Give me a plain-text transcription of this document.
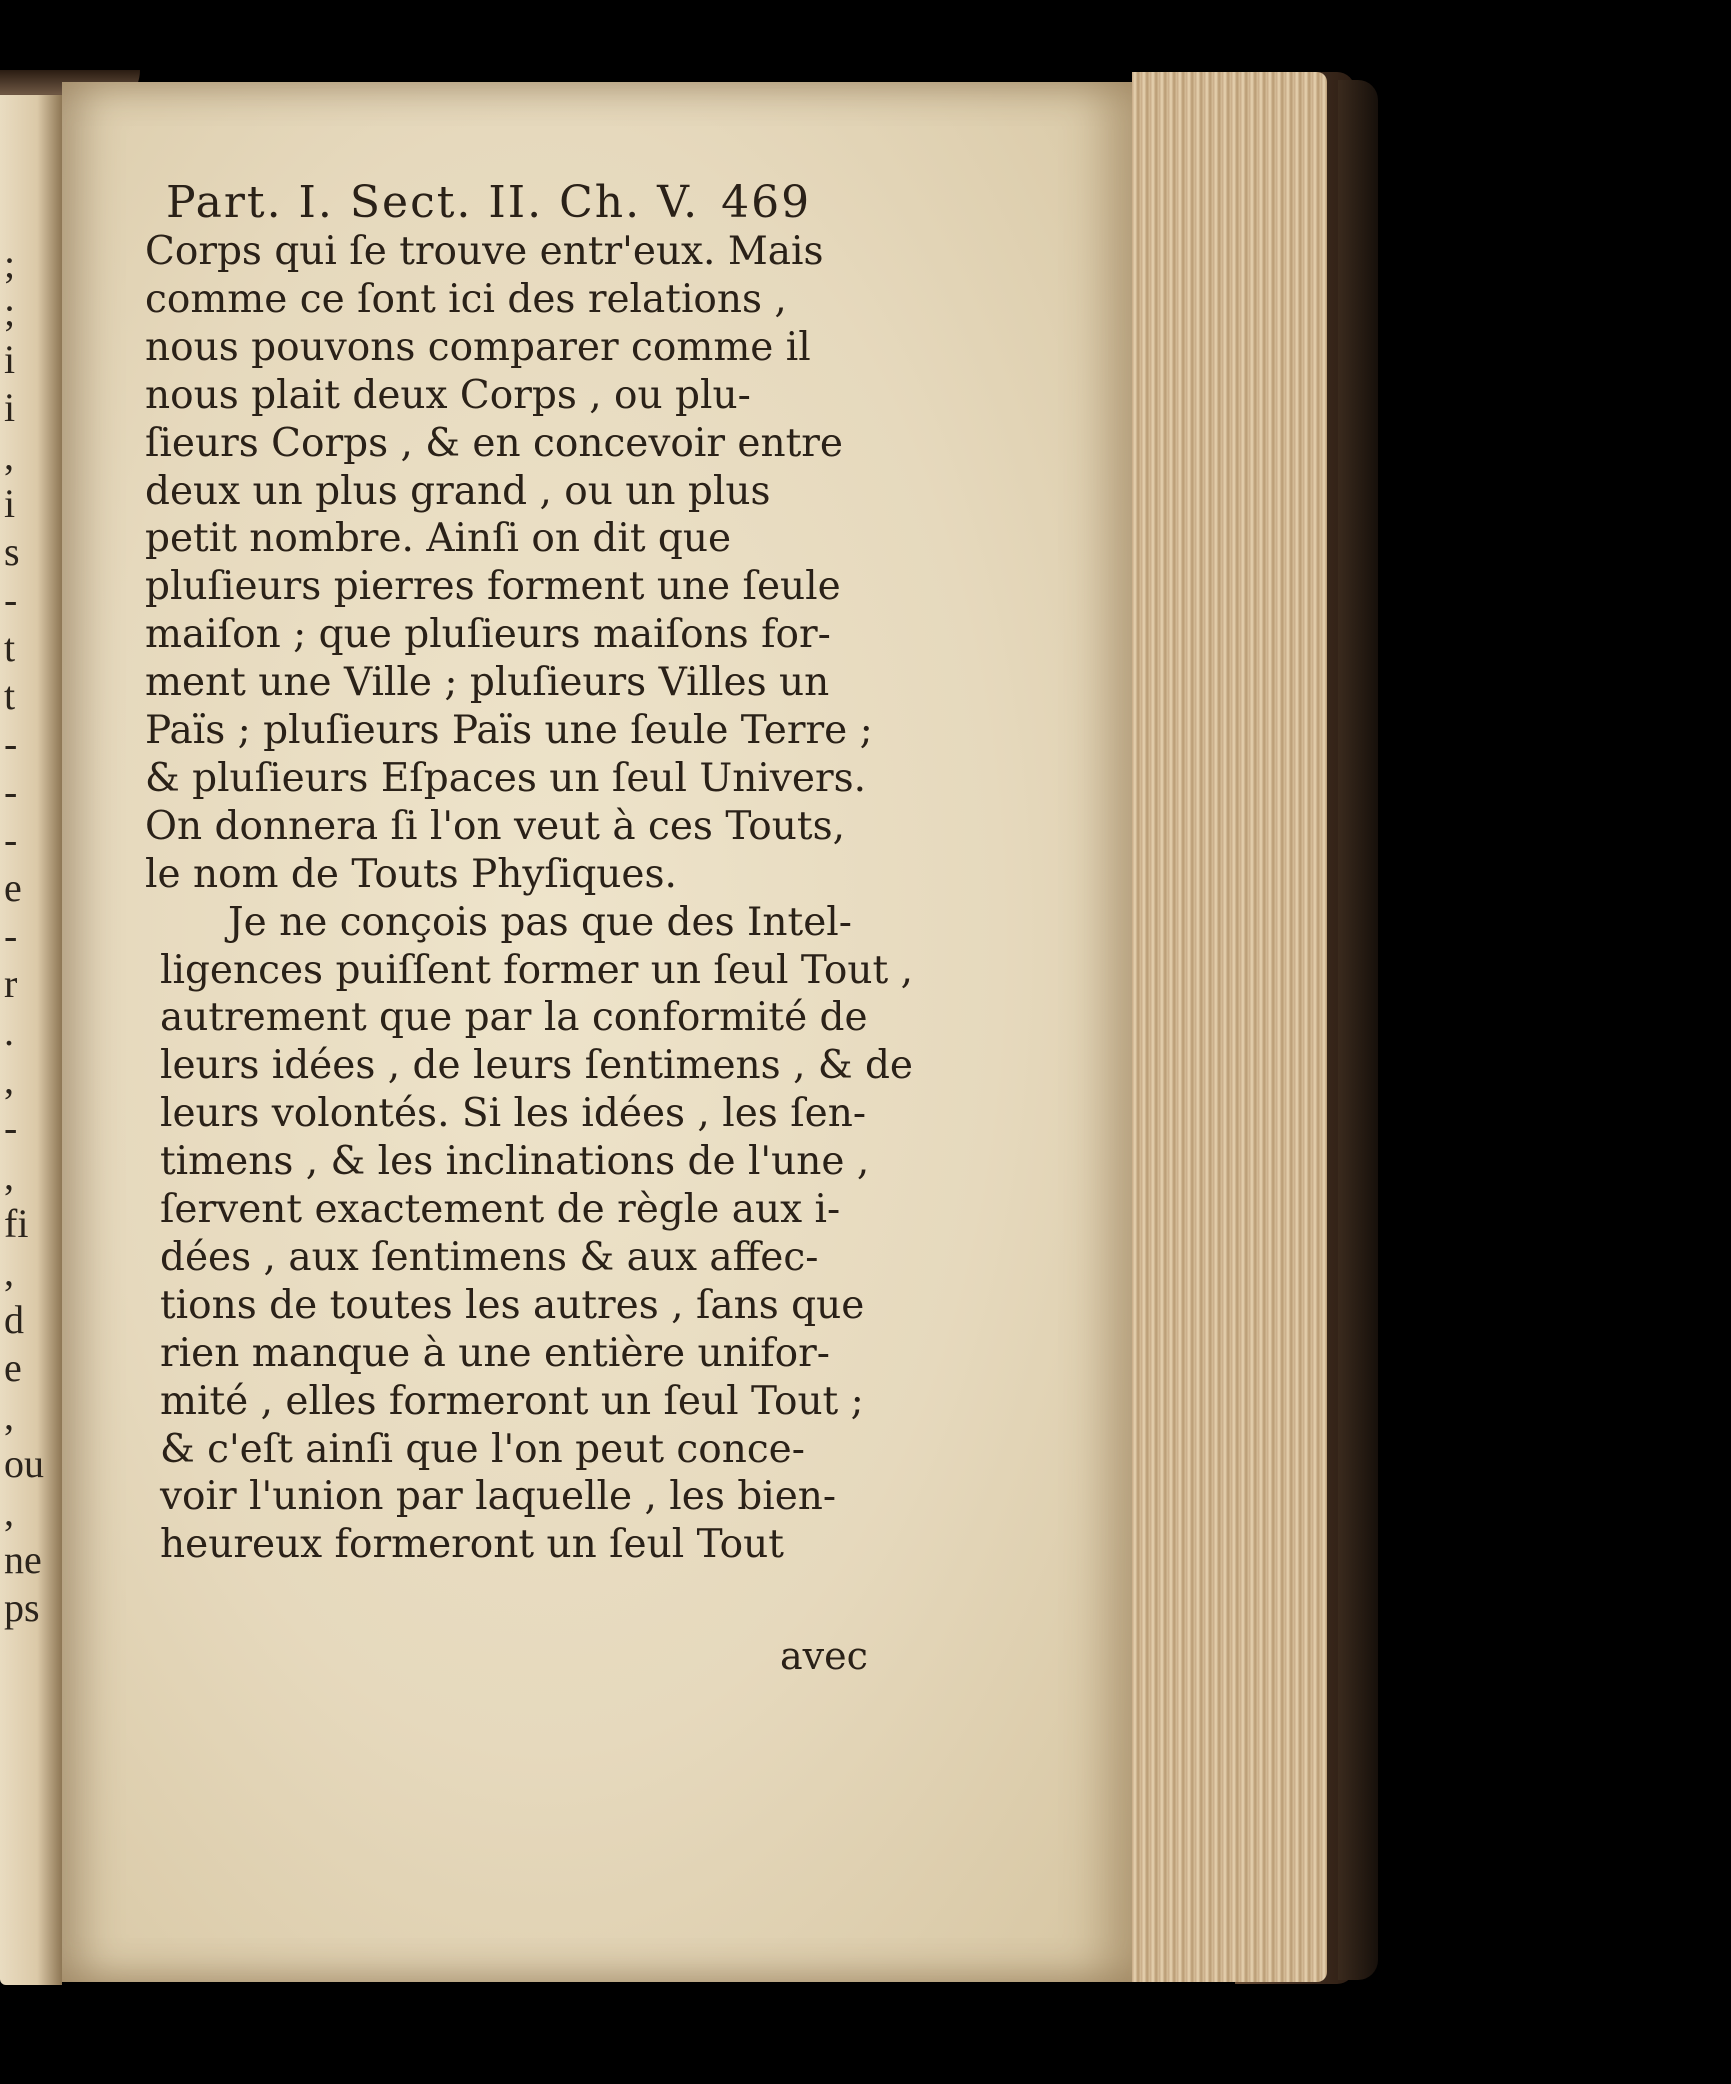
;
;
i
i
,
i
s
-
t
t
-
-
-
e
-
r
.
,
-
,
fi
,
d
e
,
ou
,
ne
ps
Part. I. Sect. II. Ch. V. 469
Corps qui ſe trouve entr'eux. Mais
comme ce ſont ici des relations ,
nous pouvons comparer comme il
nous plait deux Corps , ou plu-
ſieurs Corps , & en concevoir entre
deux un plus grand , ou un plus
petit nombre. Ainſi on dit que
pluſieurs pierres forment une ſeule
maiſon ; que pluſieurs maiſons for-
ment une Ville ; pluſieurs Villes un
Païs ; pluſieurs Païs une ſeule Terre ;
& pluſieurs Eſpaces un ſeul Univers.
On donnera ſi l'on veut à ces Touts,
le nom de Touts Phyſiques.
Je ne conçois pas que des Intel-
ligences puiſſent former un ſeul Tout ,
autrement que par la conformité de
leurs idées , de leurs ſentimens , & de
leurs volontés. Si les idées , les ſen-
timens , & les inclinations de l'une ,
ſervent exactement de règle aux i-
dées , aux ſentimens & aux affec-
tions de toutes les autres , ſans que
rien manque à une entière unifor-
mité , elles formeront un ſeul Tout ;
& c'eſt ainſi que l'on peut conce-
voir l'union par laquelle , les bien-
heureux formeront un ſeul Tout
avec
